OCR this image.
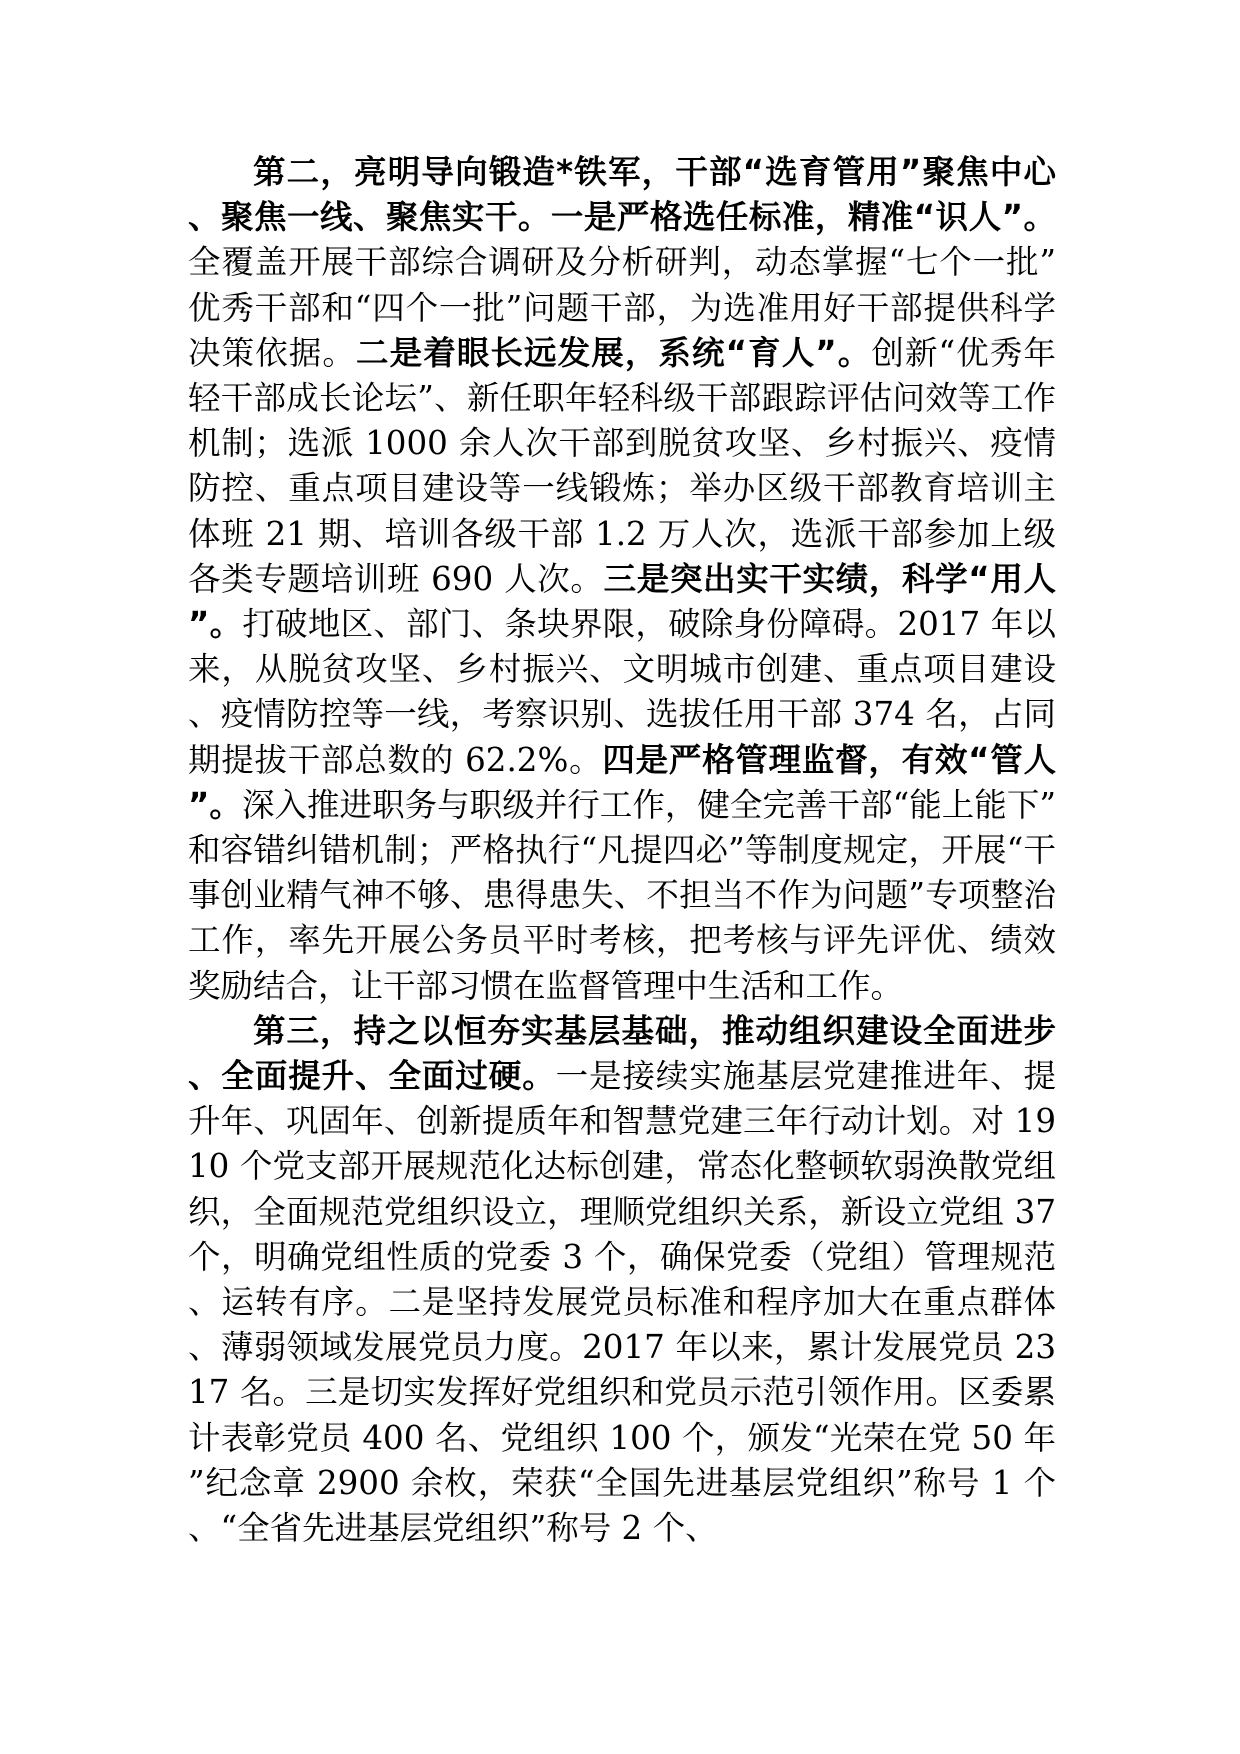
第二，亮明导向锻造*铁军，干部“选育管用”聚焦中心、聚焦一线、聚焦实干。一是严格选任标准，精准“识人”。全覆盖开展干部综合调研及分析研判，动态掌握“七个一批”优秀干部和“四个一批”问题干部，为选准用好干部提供科学决策依据。二是着眼长远发展，系统“育人”。创新“优秀年轻干部成长论坛”、新任职年轻科级干部跟踪评估问效等工作机制；选派 1000 余人次干部到脱贫攻坚、乡村振兴、疫情防控、重点项目建设等一线锻炼；举办区级干部教育培训主体班 21 期、培训各级干部 1.2 万人次，选派干部参加上级各类专题培训班 690 人次。三是突出实干实绩，科学“用人”。打破地区、部门、条块界限，破除身份障碍。2017 年以来，从脱贫攻坚、乡村振兴、文明城市创建、重点项目建设、疫情防控等一线，考察识别、选拔任用干部 374 名，占同期提拔干部总数的 62.2%。四是严格管理监督，有效“管人”。深入推进职务与职级并行工作，健全完善干部“能上能下”和容错纠错机制；严格执行“凡提四必”等制度规定，开展“干事创业精气神不够、患得患失、不担当不作为问题”专项整治工作，率先开展公务员平时考核，把考核与评先评优、绩效奖励结合，让干部习惯在监督管理中生活和工作。

第三，持之以恒夯实基层基础，推动组织建设全面进步、全面提升、全面过硬。一是接续实施基层党建推进年、提升年、巩固年、创新提质年和智慧党建三年行动计划。对 1910 个党支部开展规范化达标创建，常态化整顿软弱涣散党组织，全面规范党组织设立，理顺党组织关系，新设立党组 37 个，明确党组性质的党委 3 个，确保党委（党组）管理规范、运转有序。二是坚持发展党员标准和程序加大在重点群体、薄弱领域发展党员力度。2017 年以来，累计发展党员 2317 名。三是切实发挥好党组织和党员示范引领作用。区委累计表彰党员 400 名、党组织 100 个，颁发“光荣在党 50 年”纪念章 2900 余枚，荣获“全国先进基层党组织”称号 1 个、“全省先进基层党组织”称号 2 个、
